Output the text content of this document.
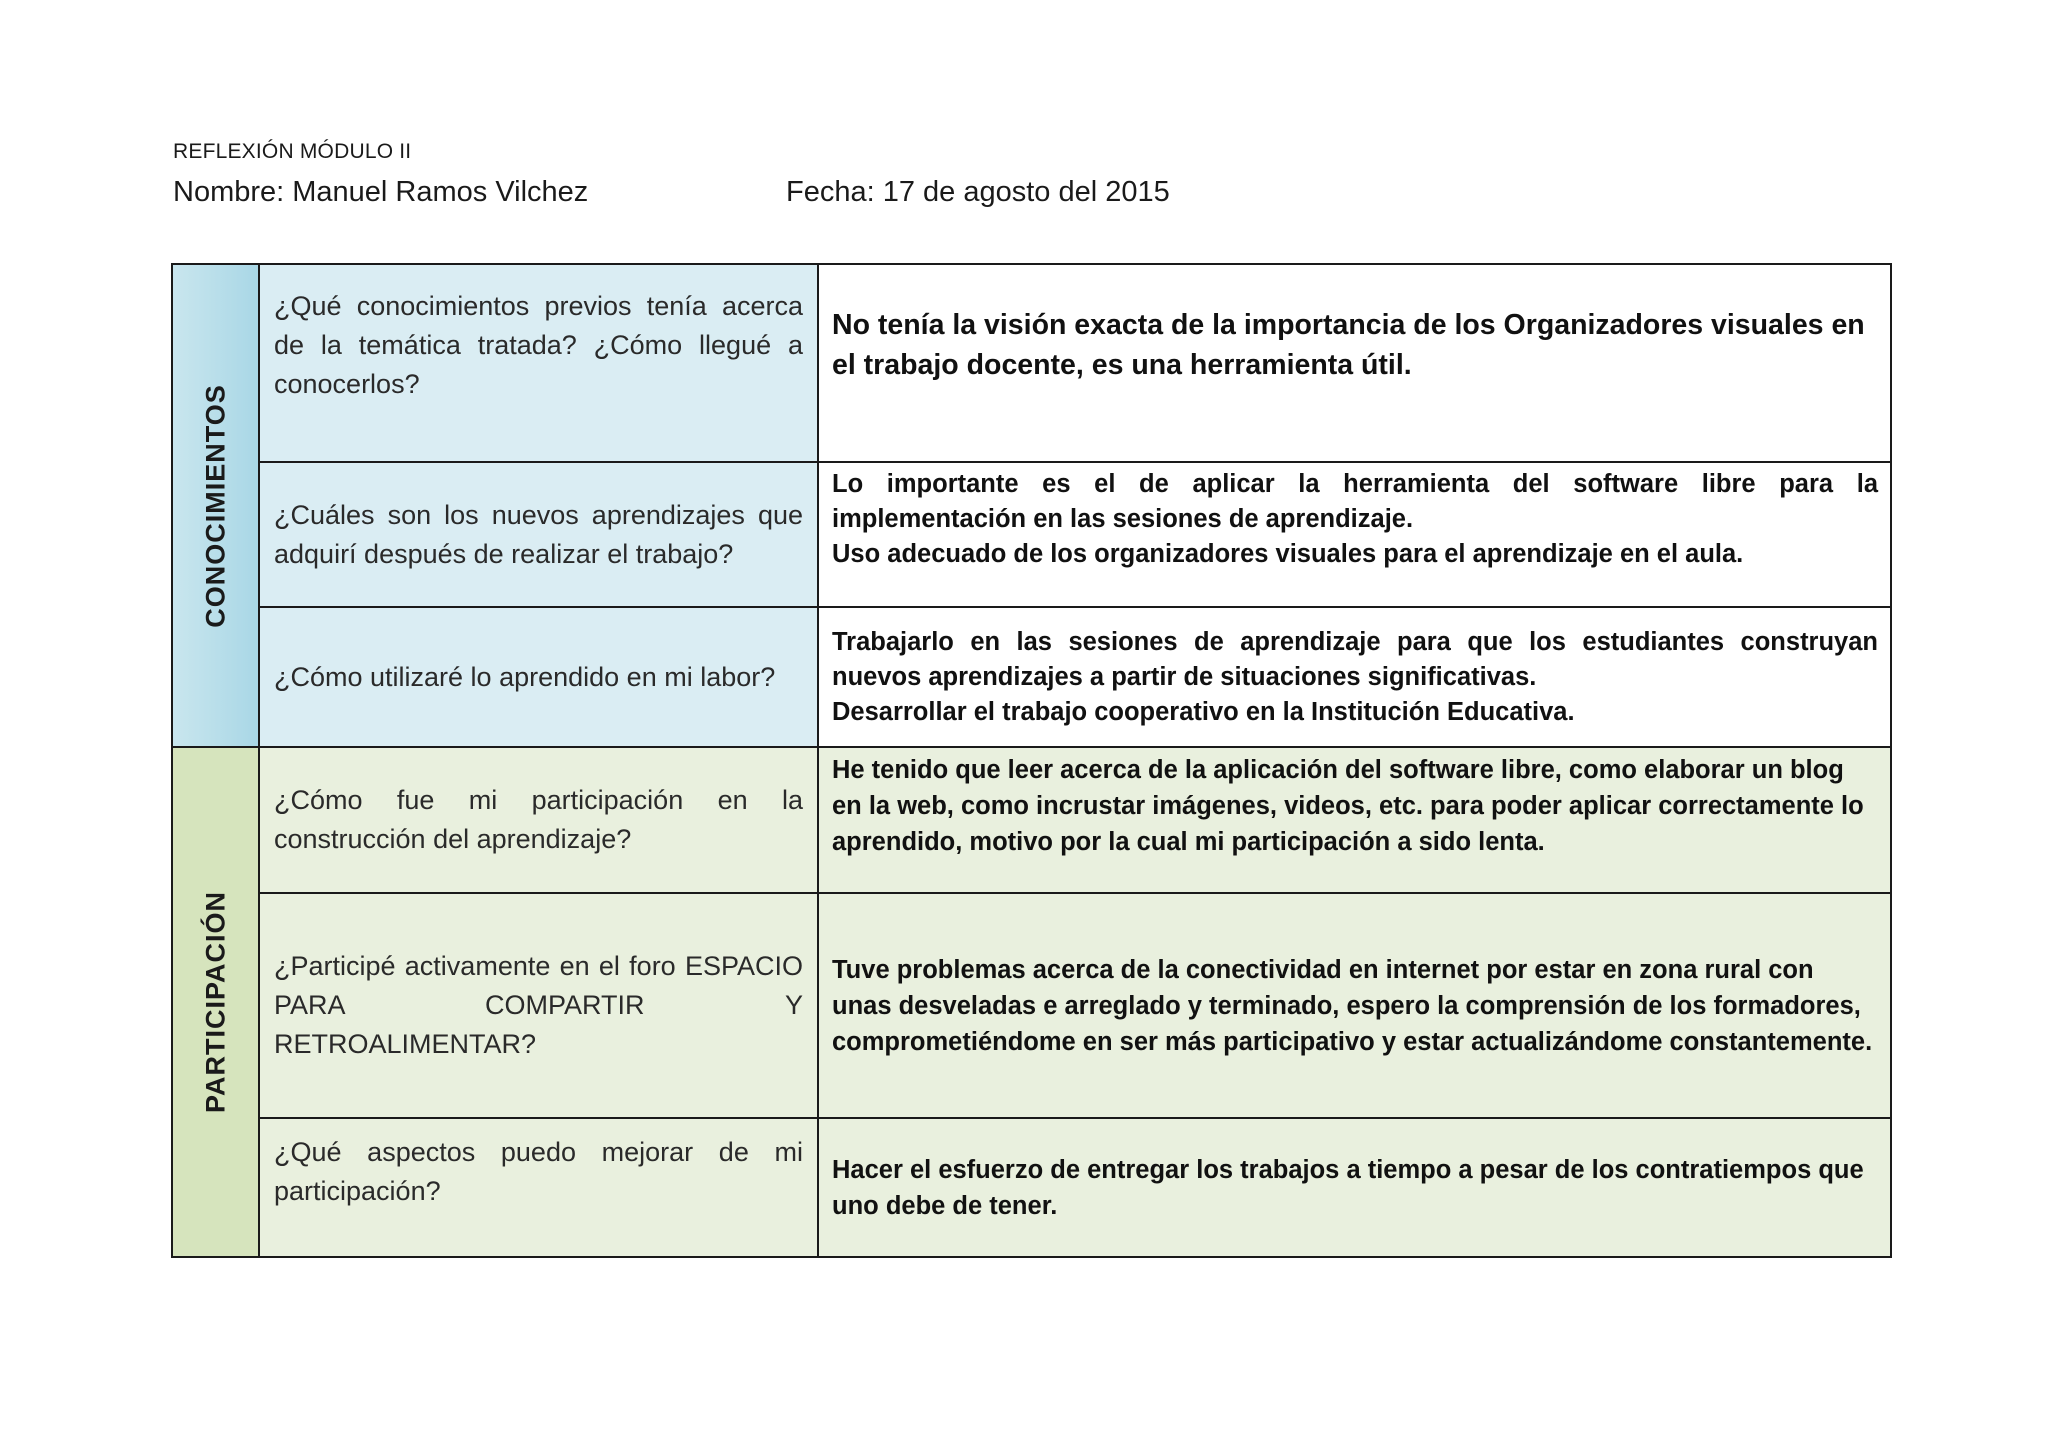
REFLEXIÓN MÓDULO II
Nombre: Manuel Ramos Vilchez	Fecha: 17 de agosto del 2015
CONOCIMIENTOS	¿Qué conocimientos previos tenía acerca de la temática tratada? ¿Cómo llegué a conocerlos?	No tenía la visión exacta de la importancia de los Organizadores visuales en el trabajo docente, es una herramienta útil.

	¿Cuáles son los nuevos aprendizajes que adquirí después de realizar el trabajo?	Lo importante es el de aplicar la herramienta del software libre para la implementación en las sesiones de aprendizaje.
Uso adecuado de los organizadores visuales para el aprendizaje en el aula.

	¿Cómo utilizaré lo aprendido en mi labor?	Trabajarlo en las sesiones de aprendizaje para que los estudiantes construyan nuevos aprendizajes a partir de situaciones significativas.
Desarrollar el trabajo cooperativo en la Institución Educativa.

PARTICIPACIÓN	¿Cómo fue mi participación en la construcción del aprendizaje?	He tenido que leer acerca de la aplicación del software libre, como elaborar un blog en la web, como incrustar imágenes, videos, etc. para poder aplicar correctamente lo aprendido, motivo por la cual mi participación a sido lenta.

	¿Participé activamente en el foro ESPACIO PARA COMPARTIR Y RETROALIMENTAR?	Tuve problemas acerca de la conectividad en internet por estar en zona rural con unas desveladas e arreglado y terminado, espero la comprensión de los formadores, comprometiéndome en ser más participativo y estar actualizándome constantemente.

	¿Qué aspectos puedo mejorar de mi participación?	Hacer el esfuerzo de entregar los trabajos a tiempo a pesar de los contratiempos que uno debe de tener.
